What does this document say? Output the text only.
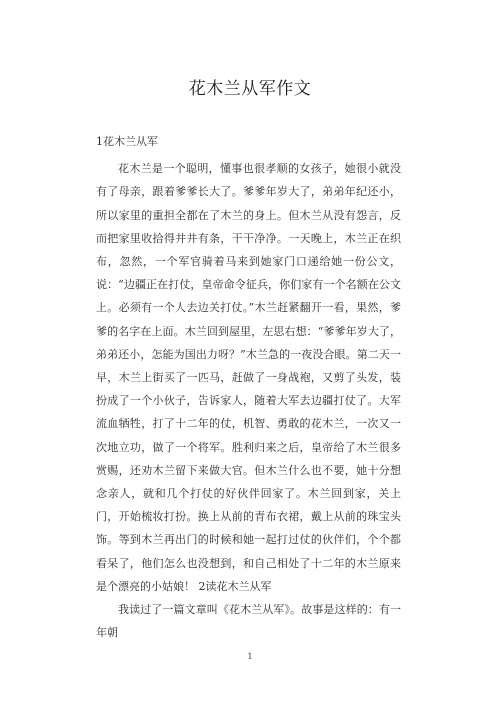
花木兰从军作文

1花木兰从军

花木兰是一个聪明，懂事也很孝顺的女孩子，她很小就没有了母亲，跟着爹爹长大了。爹爹年岁大了，弟弟年纪还小，所以家里的重担全都在了木兰的身上。但木兰从没有怨言，反而把家里收拾得井井有条，干干净净。一天晚上，木兰正在织布，忽然，一个军官骑着马来到她家门口递给她一份公文，说：“边疆正在打仗，皇帝命令征兵，你们家有一个名额在公文上。必须有一个人去边关打仗。”木兰赶紧翻开一看，果然，爹爹的名字在上面。木兰回到屋里，左思右想：“爹爹年岁大了，弟弟还小，怎能为国出力呀？”木兰急的一夜没合眼。第二天一早，木兰上街买了一匹马，赶做了一身战袍，又剪了头发，装扮成了一个小伙子，告诉家人，随着大军去边疆打仗了。大军流血牺牲，打了十二年的仗，机智、勇敢的花木兰，一次又一次地立功，做了一个将军。胜利归来之后，皇帝给了木兰很多赏赐，还劝木兰留下来做大官。但木兰什么也不要，她十分想念亲人，就和几个打仗的好伙伴回家了。木兰回到家，关上门，开始梳妆打扮。换上从前的青布衣裙，戴上从前的珠宝头饰。等到木兰再出门的时候和她一起打过仗的伙伴们，个个都看呆了，他们怎么也没想到，和自己相处了十二年的木兰原来是个漂亮的小姑娘！ 2读花木兰从军

我读过了一篇文章叫《花木兰从军》。故事是这样的：有一年朝

1
